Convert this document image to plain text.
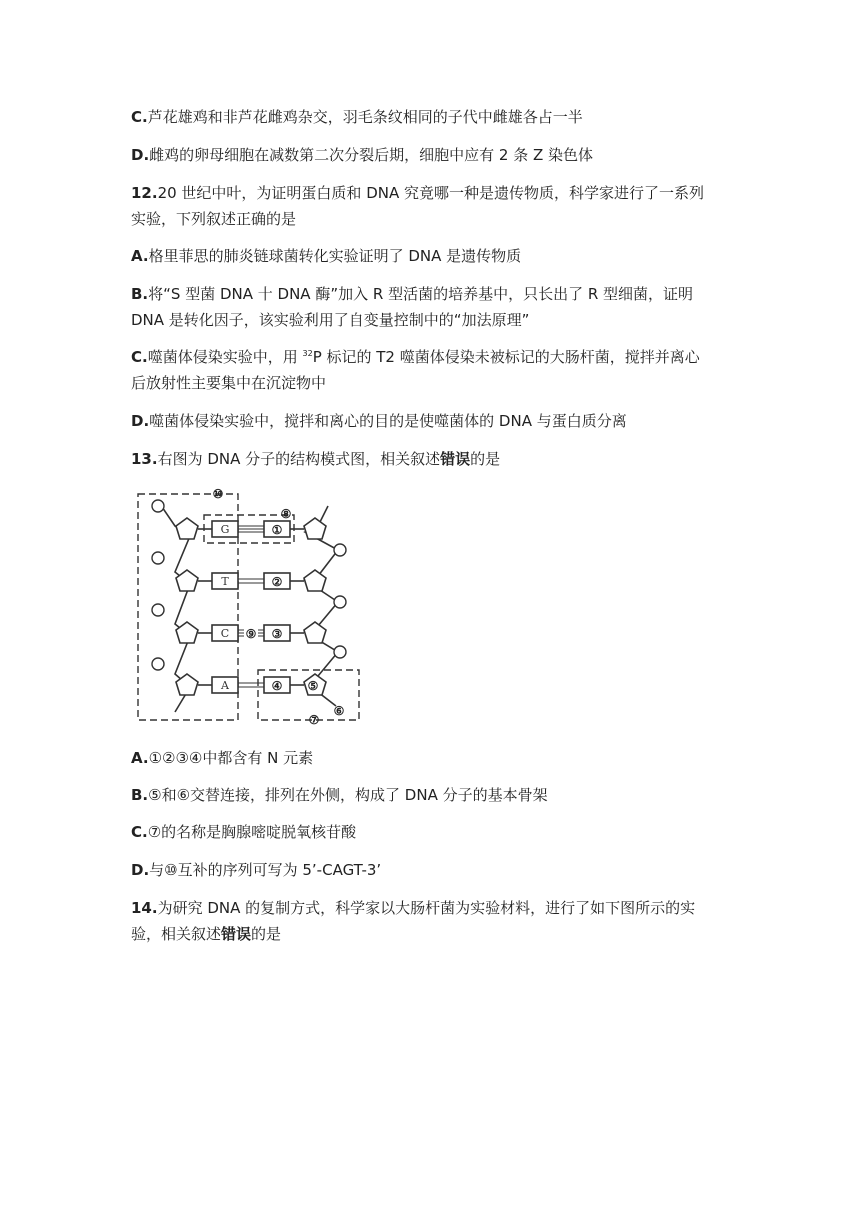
C.芦花雄鸡和非芦花雌鸡杂交，羽毛条纹相同的子代中雌雄各占一半
D.雌鸡的卵母细胞在减数第二次分裂后期，细胞中应有 2 条 Z 染色体
12.20 世纪中叶，为证明蛋白质和 DNA 究竟哪一种是遗传物质，科学家进行了一系列
实验，下列叙述正确的是
A.格里菲思的肺炎链球菌转化实验证明了 DNA 是遗传物质
B.将“S 型菌 DNA 十 DNA 酶”加入 R 型活菌的培养基中，只长出了 R 型细菌，证明
DNA 是转化因子，该实验利用了自变量控制中的“加法原理”
C.噬菌体侵染实验中，用 $^{32}$P 标记的 T2 噬菌体侵染未被标记的大肠杆菌，搅拌并离心
后放射性主要集中在沉淀物中
D.噬菌体侵染实验中，搅拌和离心的目的是使噬菌体的 DNA 与蛋白质分离
13.右图为 DNA 分子的结构模式图，相关叙述错误的是
G
T
C
A
①
②
③
④
⑩
⑧
⑨
⑤
⑥
⑦
A.①②③④中都含有 N 元素
B.⑤和⑥交替连接，排列在外侧，构成了 DNA 分子的基本骨架
C.⑦的名称是胸腺嘧啶脱氧核苷酸
D.与⑩互补的序列可写为 5’-CAGT-3’
14.为研究 DNA 的复制方式，科学家以大肠杆菌为实验材料，进行了如下图所示的实
验，相关叙述错误的是
